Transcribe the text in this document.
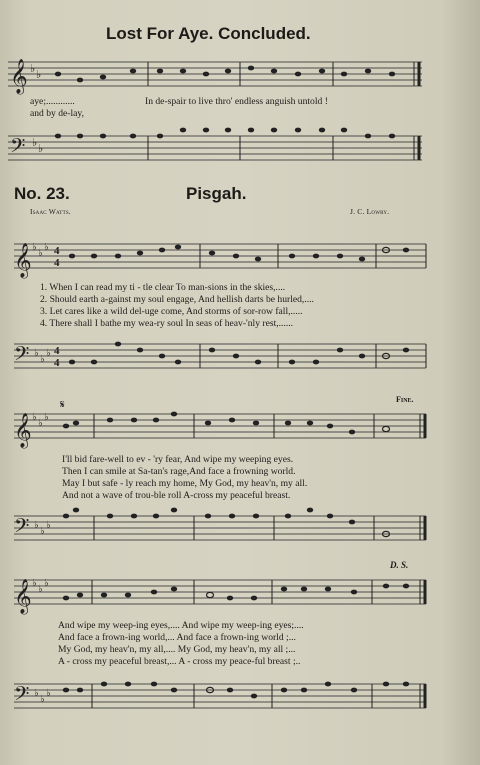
Lost For Aye. Concluded.
𝄞 ♭ ♭
aye;............	In de-spair to live thro' endless anguish untold !
and by de-lay,
𝄢 ♭ ♭
No. 23.	Pisgah.
Isaac Watts.	J. C. Lowry.
𝄞 ♭
♭
♭ 4
4
1. When I can read my ti - tle clear To man-sions in the skies,....
2. Should earth a-gainst my soul engage, And hellish darts be hurled,....
3. Let cares like a wild del-uge come, And storms of sor-row fall,.....
4. There shall I bathe my wea-ry soul In seas of heav-'nly rest,......
𝄢 ♭
♭
♭ 4
4
Fine.
𝄞 ♭
♭
♭
𝄋
I'll bid fare-well to ev - 'ry fear, And wipe my weeping eyes.
Then I can smile at Sa-tan's rage,And face a frowning world.
May I but safe - ly reach my home, My God, my heav'n, my all.
And not a wave of trou-ble roll A-cross my peaceful breast.
𝄢 ♭
♭
♭
D. S.
𝄞 ♭
♭
♭
And wipe my weep-ing eyes,.... And wipe my weep-ing eyes;....
And face a frown-ing world,... And face a frown-ing world ;...
My God, my heav'n, my all,.... My God, my heav'n, my all ;...
A - cross my peaceful breast,... A - cross my peace-ful breast ;..
𝄢 ♭
♭
♭
